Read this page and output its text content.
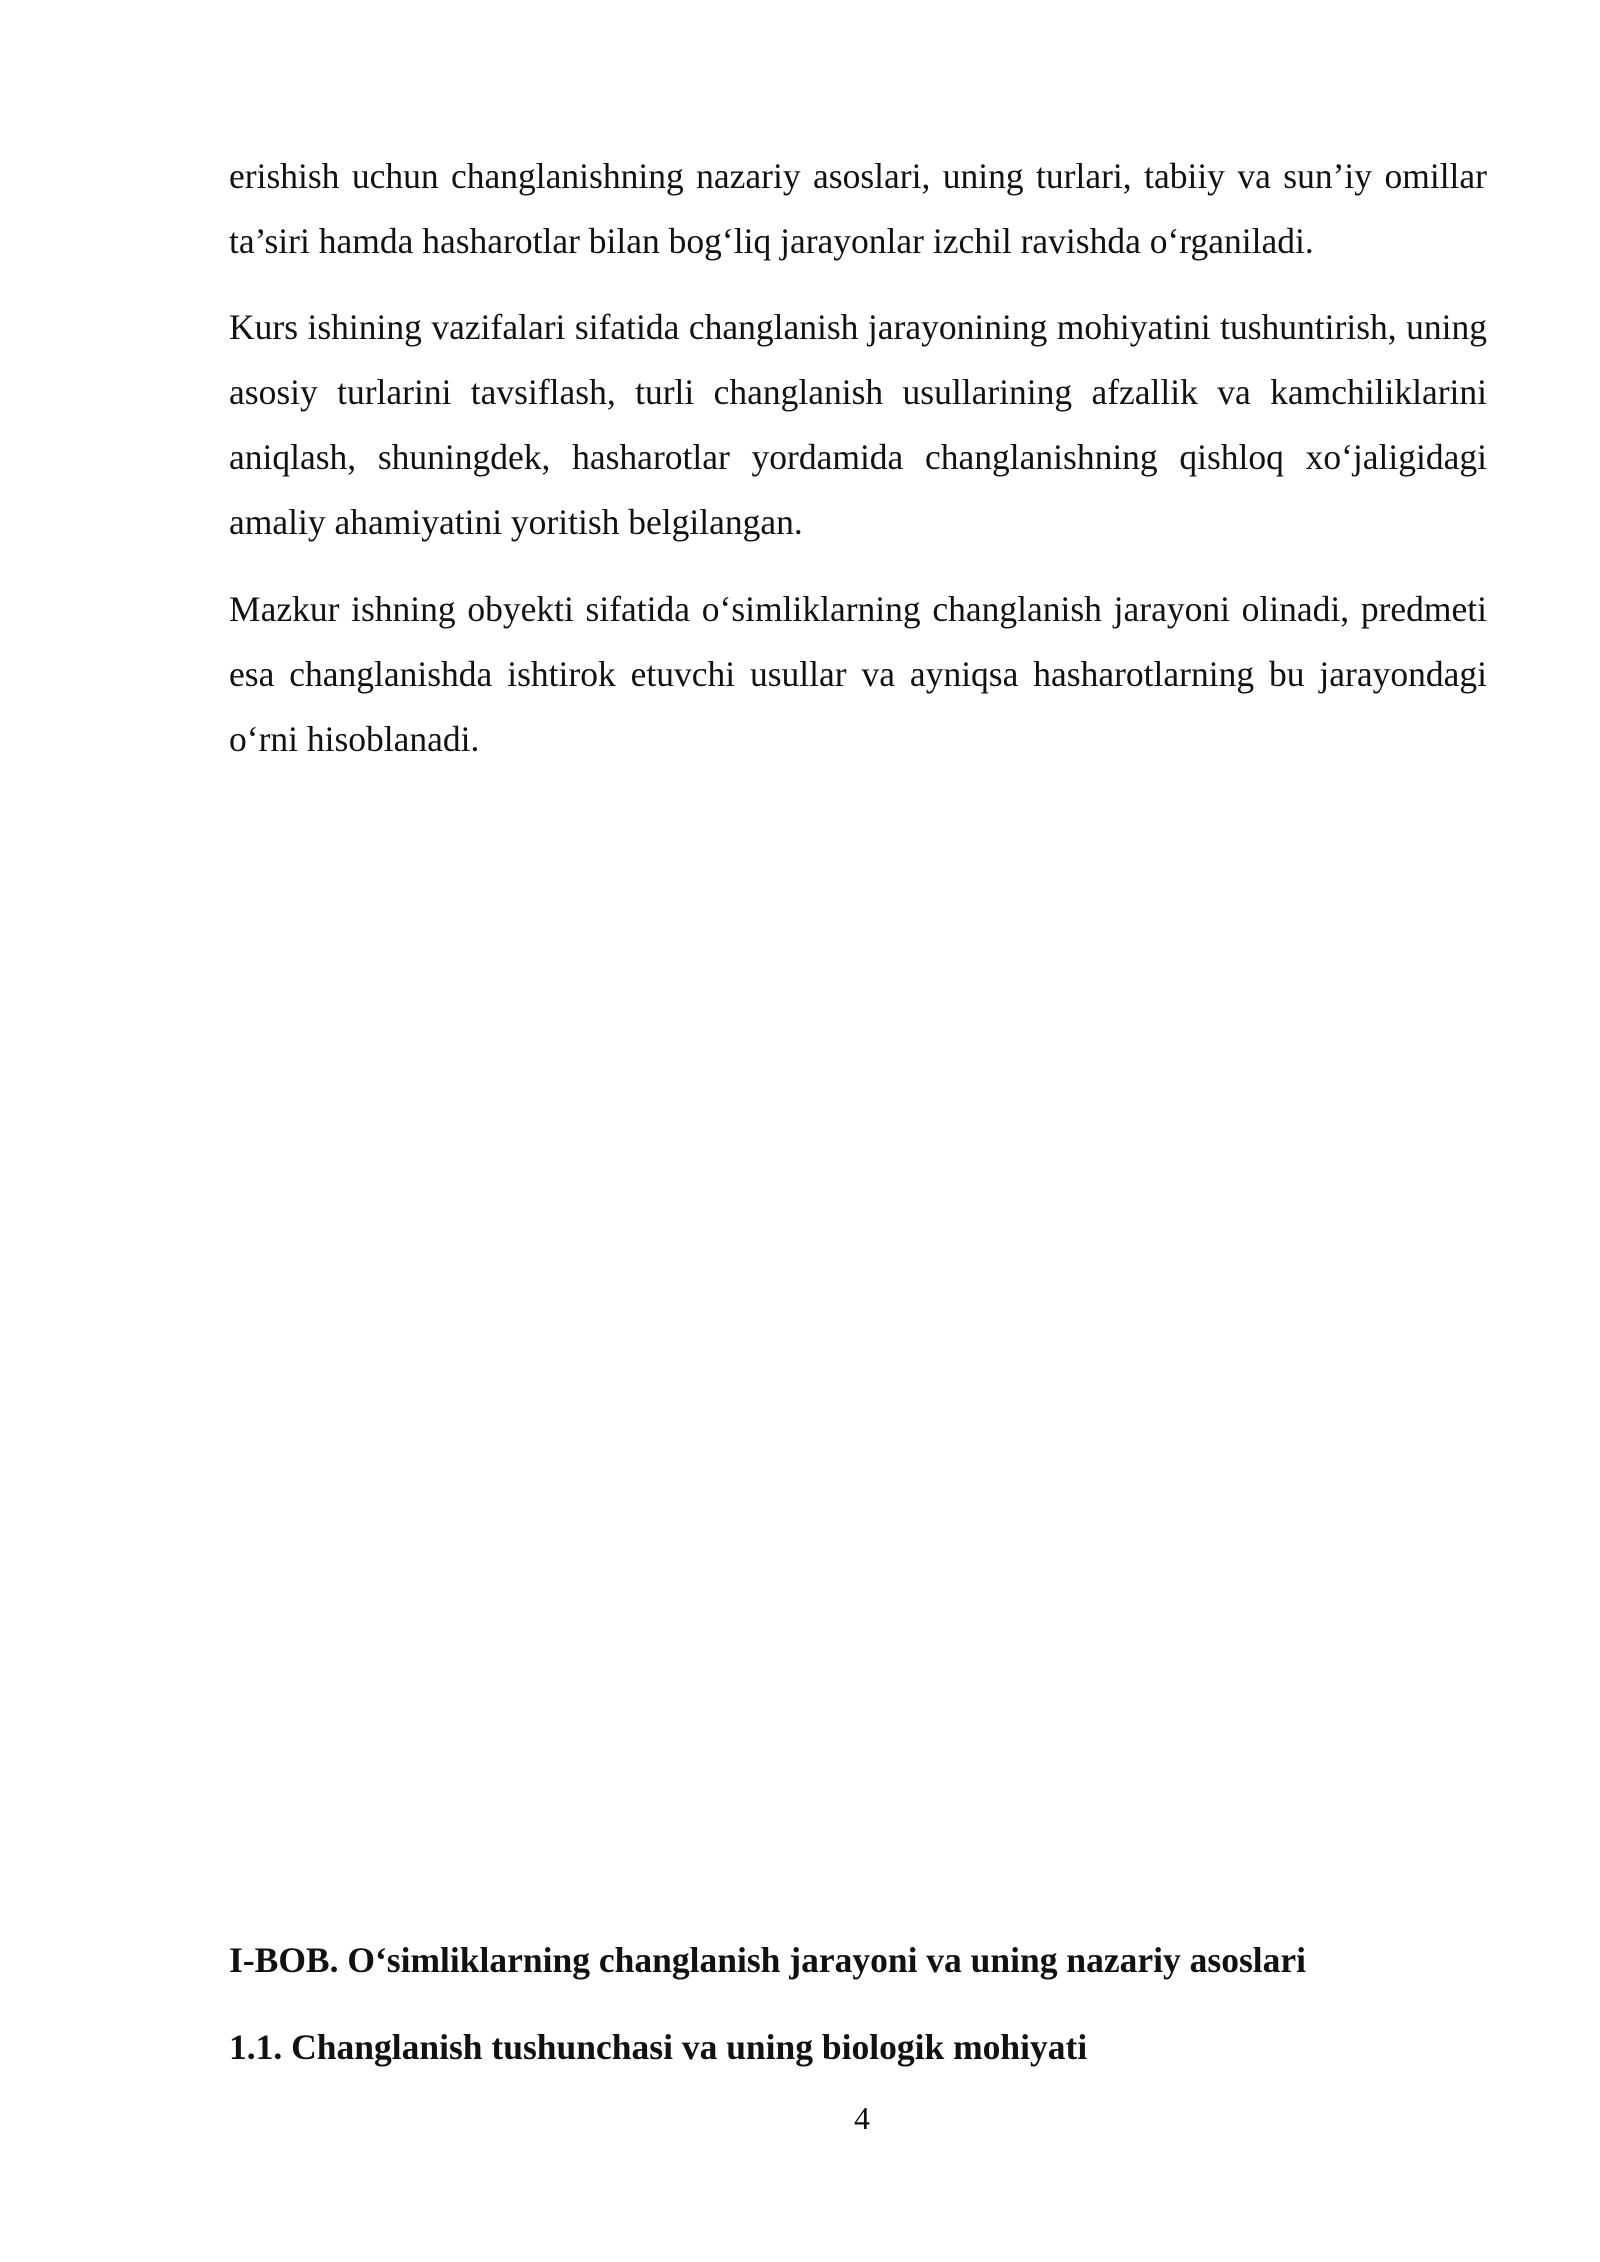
erishish uchun changlanishning nazariy asoslari, uning turlari, tabiiy va sun’iy omillar ta’siri hamda hasharotlar bilan bog‘liq jarayonlar izchil ravishda o‘rganiladi.

Kurs ishining vazifalari sifatida changlanish jarayonining mohiyatini tushuntirish, uning asosiy turlarini tavsiflash, turli changlanish usullarining afzallik va kamchiliklarini aniqlash, shuningdek, hasharotlar yordamida changlanishning qishloq xo‘jaligidagi amaliy ahamiyatini yoritish belgilangan.

Mazkur ishning obyekti sifatida o‘simliklarning changlanish jarayoni olinadi, predmeti esa changlanishda ishtirok etuvchi usullar va ayniqsa hasharotlarning bu jarayondagi o‘rni hisoblanadi.

I-BOB. O‘simliklarning changlanish jarayoni va uning nazariy asoslari
1.1. Changlanish tushunchasi va uning biologik mohiyati
4
